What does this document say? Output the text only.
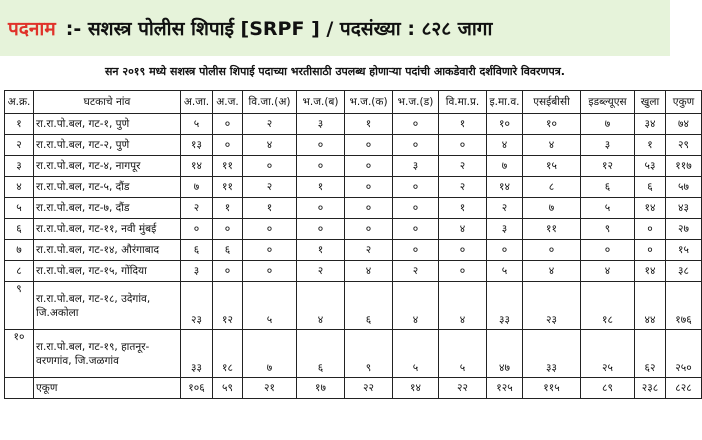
पदनाम :- सशस्त्र पोलीस शिपाई [SRPF ] / पदसंख्या : ८२८ जागा
सन २०१९ मध्ये सशस्त्र पोलीस शिपाई पदाच्या भरतीसाठी उपलब्ध होणाऱ्या पदांची आकडेवारी दर्शविणारे विवरणपत्र.
अ.क्र.	घटकाचे नांव	अ.जा.	अ.ज.	वि.जा.(अ)	भ.ज.(ब)	भ.ज.(क)	भ.ज.(ड)	वि.मा.प्र.	इ.मा.व.	एसईबीसी	इडब्ल्यूएस	खुला	एकुण
१	रा.रा.पो.बल, गट-१, पुणे	५	०	२	३	१	०	१	१०	१०	७	३४	७४
२	रा.रा.पो.बल, गट-२, पुणे	१३	०	४	०	०	०	०	४	४	३	१	२९
३	रा.रा.पो.बल, गट-४, नागपूर	१४	११	०	०	०	३	२	७	१५	१२	५३	११७
४	रा.रा.पो.बल, गट-५, दौंड	७	११	२	१	०	०	२	१४	८	६	६	५७
५	रा.रा.पो.बल, गट-७, दौंड	२	१	१	०	०	०	१	२	७	५	१४	४३
६	रा.रा.पो.बल, गट-११, नवी मुंबई	०	०	०	०	०	०	४	३	११	९	०	२७
७	रा.रा.पो.बल, गट-१४, औरंगाबाद	६	६	०	१	२	०	०	०	०	०	०	१५
८	रा.रा.पो.बल, गट-१५, गोंदिया	३	०	०	२	४	२	०	५	४	४	१४	३८
९	रा.रा.पो.बल, गट-१८, उदेगांव, जि.अकोला	२३	१२	५	४	६	४	४	३३	२३	१८	४४	१७६
१०	रा.रा.पो.बल, गट-१९, हातनूर-वरणगांव, जि.जळगांव	३३	१८	७	६	९	५	५	४७	३३	२५	६२	२५०
	एकूण	१०६	५९	२१	१७	२२	१४	२२	१२५	११५	८९	२३८	८२८
